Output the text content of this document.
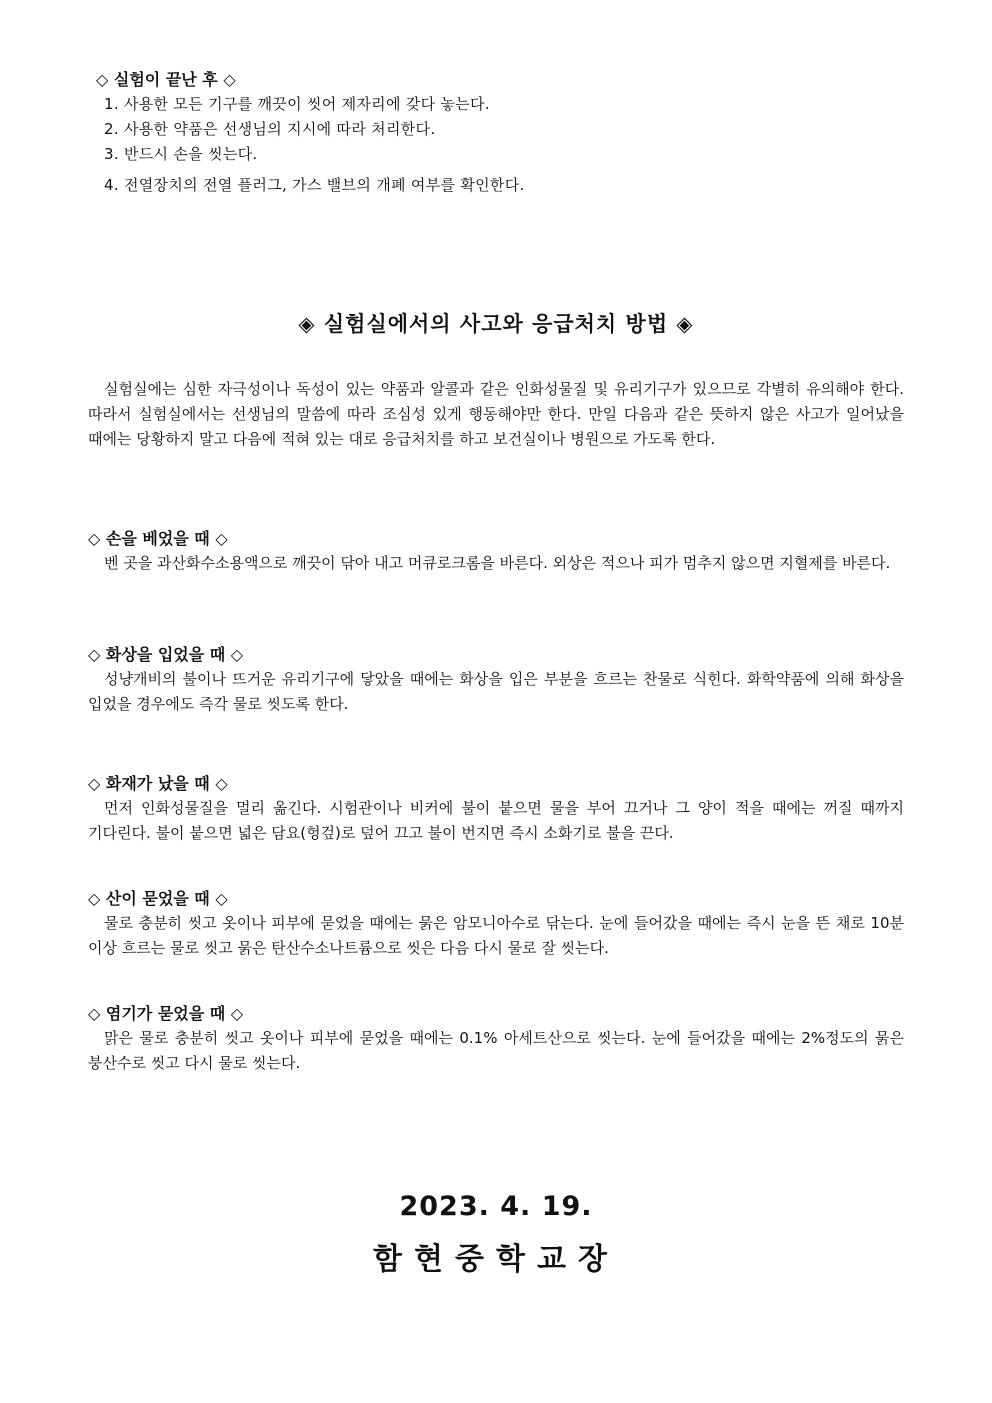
◇ 실험이 끝난 후 ◇
1. 사용한 모든 기구를 깨끗이 씻어 제자리에 갖다 놓는다.
2. 사용한 약품은 선생님의 지시에 따라 처리한다.
3. 반드시 손을 씻는다.
4. 전열장치의 전열 플러그, 가스 밸브의 개폐 여부를 확인한다.
◈ 실험실에서의 사고와 응급처치 방법 ◈

실험실에는 심한 자극성이나 독성이 있는 약품과 알콜과 같은 인화성물질 및 유리기구가 있으므로 각별히 유의해야 한다. 따라서 실험실에서는 선생님의 말씀에 따라 조심성 있게 행동해야만 한다. 만일 다음과 같은 뜻하지 않은 사고가 일어났을 때에는 당황하지 말고 다음에 적혀 있는 대로 응급처치를 하고 보건실이나 병원으로 가도록 한다.

◇ 손을 베었을 때 ◇

벤 곳을 과산화수소용액으로 깨끗이 닦아 내고 머큐로크롬을 바른다. 외상은 적으나 피가 멈추지 않으면 지혈제를 바른다.

◇ 화상을 입었을 때 ◇

성냥개비의 불이나 뜨거운 유리기구에 닿았을 때에는 화상을 입은 부분을 흐르는 찬물로 식힌다. 화학약품에 의해 화상을 입었을 경우에도 즉각 물로 씻도록 한다.

◇ 화재가 났을 때 ◇

먼저 인화성물질을 멀리 옮긴다. 시험관이나 비커에 불이 붙으면 물을 부어 끄거나 그 양이 적을 때에는 꺼질 때까지 기다린다. 불이 붙으면 넓은 담요(헝겊)로 덮어 끄고 불이 번지면 즉시 소화기로 불을 끈다.

◇ 산이 묻었을 때 ◇

물로 충분히 씻고 옷이나 피부에 묻었을 때에는 묽은 암모니아수로 닦는다. 눈에 들어갔을 때에는 즉시 눈을 뜬 채로 10분 이상 흐르는 물로 씻고 묽은 탄산수소나트륨으로 씻은 다음 다시 물로 잘 씻는다.

◇ 염기가 묻었을 때 ◇

맑은 물로 충분히 씻고 옷이나 피부에 묻었을 때에는 0.1% 아세트산으로 씻는다. 눈에 들어갔을 때에는 2%정도의 묽은 붕산수로 씻고 다시 물로 씻는다.

2023. 4. 19.
함현중학교장
